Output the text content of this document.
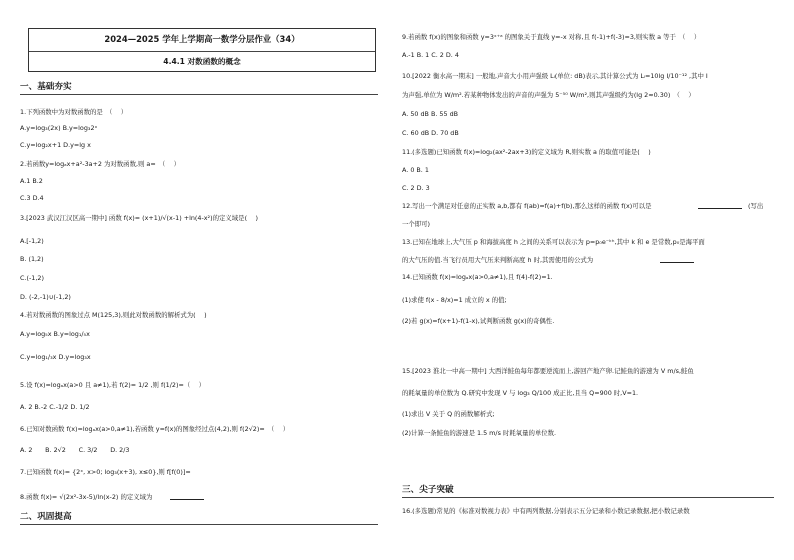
2024—2025 学年上学期高一数学分层作业（34）
4.4.1 对数函数的概念
一、基础夯实
1.下列函数中为对数函数的是　（　 ）
A.y=log₃(2x) B.y=log₃2ˣ
C.y=log₂x+1 D.y=lg x
2.若函数y=logₐx+a²-3a+2 为对数函数,则 a=　（　 ）
A.1 B.2
C.3 D.4
3.[2023 武汉江汉区高一期中] 函数 f(x)= (x+1)/√(x-1) +ln(4-x²)的定义域是(　 )
A.[-1,2)
B. (1,2)
C.(-1,2)
D. (-2,-1)∪(-1,2)
4.若对数函数的图象过点 M(125,3),则此对数函数的解析式为(　 )
A.y=log₅x B.y=log₁/₅x
C.y=log₁/₃x D.y=log₃x
5.设 f(x)=logₐx(a>0 且 a≠1),若 f(2)= 1/2 ,则 f(1/2)=（　 ）
A. 2 B.-2 C.-1/2 D. 1/2
6.已知对数函数 f(x)=logₐx(a>0,a≠1),若函数 y=f(x)的图象经过点(4,2),则 f(2√2)=　（　 ）
A. 2　　B. 2√2　　C. 3/2　　D. 2/3
7.已知函数 f(x)= {2ˣ, x>0; log₃(x+3), x≤0},则 f[f(0)]=
8.函数 f(x)= √(2x²-3x-5)/ln(x-2) 的定义域为
二、巩固提高
9.若函数 f(x)的图象和函数 y=3ˣ⁺ᵃ 的图象关于直线 y=-x 对称,且 f(-1)+f(-3)=3,则实数 a 等于　（　 ）
A.-1 B. 1 C. 2 D. 4
10.[2022 衡水高一期末] 一般地,声音大小用声强级 Lₗ(单位: dB)表示,其计算公式为 Lₗ=10lg I/10⁻¹² ,其中 I
为声强,单位为 W/m².若某种物体发出的声音的声强为 5⁻⁵⁰ W/m²,则其声强级约为(lg 2≈0.30)　（　 ）
A. 50 dB B. 55 dB
C. 60 dB D. 70 dB
11.(多选题)已知函数 f(x)=log₂(ax²-2ax+3)的定义域为 R,则实数 a 的取值可能是(　 )
A. 0 B. 1
C. 2 D. 3
12.写出一个满足对任意的正实数 a,b,都有 f(ab)=f(a)+f(b),那么这样的函数 f(x)可以是	(写出
一个即可)
13.已知在地球上,大气压 p 和海拔高度 h 之间的关系可以表示为 p=p₀e⁻ᵏʰ,其中 k 和 e 是常数,p₀是海平面
的大气压的值.当飞行员用大气压来判断高度 h 时,其需使用的公式为
14.已知函数 f(x)=logₐx(a>0,a≠1),且 f(4)-f(2)=1.
(1)求使 f(x - 8/x)=1 成立的 x 的值;
(2)若 g(x)=f(x+1)-f(1-x),试判断函数 g(x)的奇偶性.
15.[2023 淮北一中高一期中] 大西洋鲑鱼每年都要逆流而上,游回产地产卵.记鲑鱼的游速为 V m/s,鲑鱼
的耗氧量的单位数为 Q.研究中发现 V 与 log₃ Q/100 成正比,且当 Q=900 时,V=1.
(1)求出 V 关于 Q 的函数解析式;
(2)计算一条鲑鱼的游速是 1.5 m/s 时耗氧量的单位数.
三、尖子突破
16.(多选题)常见的《标准对数视力表》中有两列数据,分别表示五分记录和小数记录数据,把小数记录数
